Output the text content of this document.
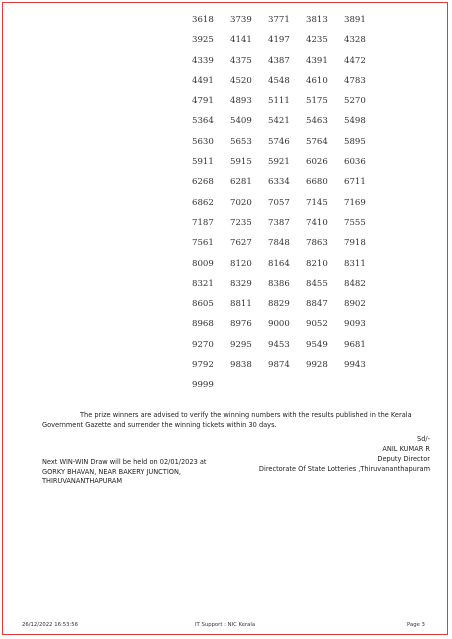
3618	3739	3771	3813	3891
3925	4141	4197	4235	4328
4339	4375	4387	4391	4472
4491	4520	4548	4610	4783
4791	4893	5111	5175	5270
5364	5409	5421	5463	5498
5630	5653	5746	5764	5895
5911	5915	5921	6026	6036
6268	6281	6334	6680	6711
6862	7020	7057	7145	7169
7187	7235	7387	7410	7555
7561	7627	7848	7863	7918
8009	8120	8164	8210	8311
8321	8329	8386	8455	8482
8605	8811	8829	8847	8902
8968	8976	9000	9052	9093
9270	9295	9453	9549	9681
9792	9838	9874	9928	9943
9999
The prize winners are advised to verify the winning numbers with the results published in the Kerala Government Gazette and surrender the winning tickets within 30 days.
Sd/-
ANIL KUMAR R
Deputy Director
Directorate Of State Lotteries ,Thiruvananthapuram
Next WIN-WIN Draw will be held on 02/01/2023 at
GORKY BHAVAN, NEAR BAKERY JUNCTION,
THIRUVANANTHAPURAM
26/12/2022 16:53:56	IT Support : NIC Kerala	Page 3
